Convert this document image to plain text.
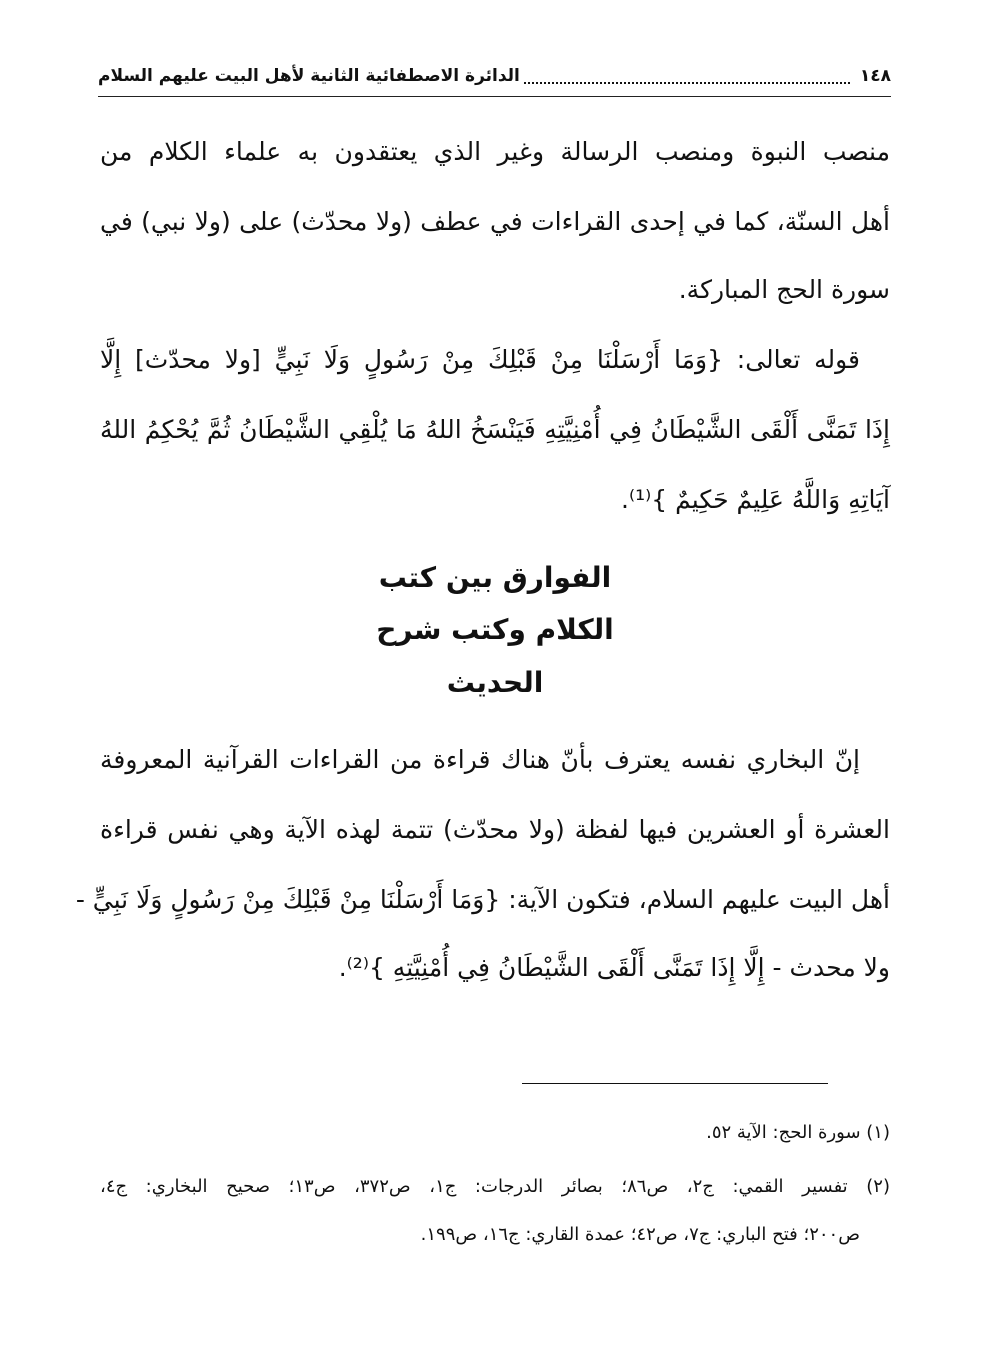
١٤٨
الدائرة الاصطفائية الثانية لأهل البيت عليهم السلام
منصب النبوة ومنصب الرسالة وغير الذي يعتقدون به علماء الكلام من
أهل السنّة، كما في إحدى القراءات في عطف (ولا محدّث) على (ولا نبي) في
سورة الحج المباركة.
قوله تعالى: {وَمَا أَرْسَلْنَا مِنْ قَبْلِكَ مِنْ رَسُولٍ وَلَا نَبِيٍّ [ولا محدّث] إِلَّا
إِذَا تَمَنَّى أَلْقَى الشَّيْطَانُ فِي أُمْنِيَّتِهِ فَيَنْسَخُ اللهُ مَا يُلْقِي الشَّيْطَانُ ثُمَّ يُحْكِمُ اللهُ
آيَاتِهِ وَاللَّهُ عَلِيمٌ حَكِيمٌ }⁽¹⁾.
الفوارق بين كتب
الكلام وكتب شرح
الحديث
إنّ البخاري نفسه يعترف بأنّ هناك قراءة من القراءات القرآنية المعروفة
العشرة أو العشرين فيها لفظة (ولا محدّث) تتمة لهذه الآية وهي نفس قراءة
أهل البيت عليهم السلام، فتكون الآية: {وَمَا أَرْسَلْنَا مِنْ قَبْلِكَ مِنْ رَسُولٍ وَلَا نَبِيٍّ -
ولا محدث - إِلَّا إِذَا تَمَنَّى أَلْقَى الشَّيْطَانُ فِي أُمْنِيَّتِهِ }⁽²⁾.
(١) سورة الحج: الآية ٥٢.
(٢) تفسير القمي: ج٢، ص٨٦؛ بصائر الدرجات: ج١، ص٣٧٢، ص١٣؛ صحيح البخاري: ج٤،
ص٢٠٠؛ فتح الباري: ج٧، ص٤٢؛ عمدة القاري: ج١٦، ص١٩٩.
